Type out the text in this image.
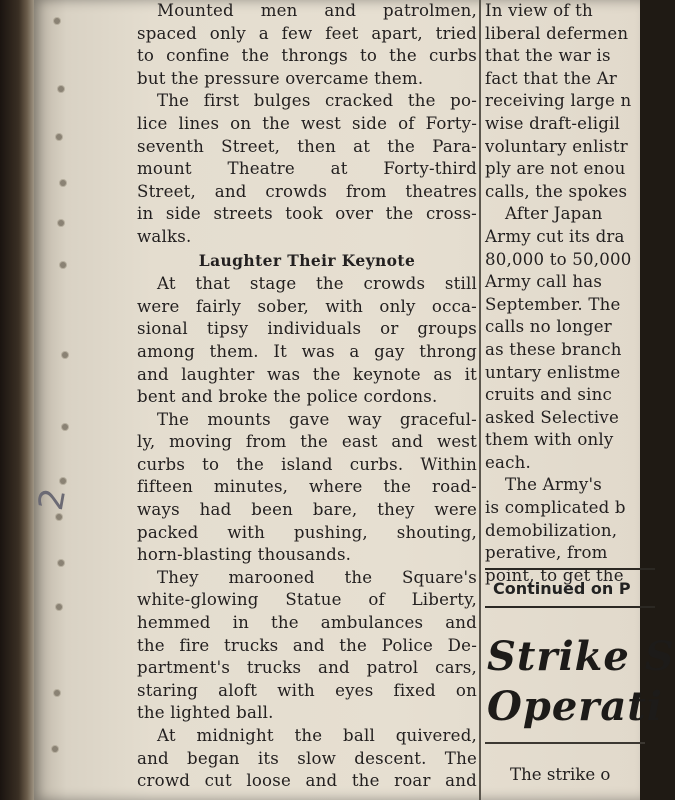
2
Mounted men and patrolmen,
spaced only a few feet apart, tried
to confine the throngs to the curbs
but the pressure overcame them.
The first bulges cracked the po-
lice lines on the west side of Forty-
seventh Street, then at the Para-
mount Theatre at Forty-third
Street, and crowds from theatres
in side streets took over the cross-
walks.
Laughter Their Keynote
At that stage the crowds still
were fairly sober, with only occa-
sional tipsy individuals or groups
among them. It was a gay throng
and laughter was the keynote as it
bent and broke the police cordons.
The mounts gave way graceful-
ly, moving from the east and west
curbs to the island curbs. Within
fifteen minutes, where the road-
ways had been bare, they were
packed with pushing, shouting,
horn-blasting thousands.
They marooned the Square's
white-glowing Statue of Liberty,
hemmed in the ambulances and
the fire trucks and the Police De-
partment's trucks and patrol cars,
staring aloft with eyes fixed on
the lighted ball.
At midnight the ball quivered,
and began its slow descent. The
crowd cut loose and the roar and
In view of th
liberal defermen
that the war is
fact that the Ar
receiving large n
wise draft-eligil
voluntary enlistr
ply are not enou
calls, the spokes
After Japan
Army cut its dra
80,000 to 50,000
Army call has
September. The
calls no longer
as these branch
untary enlistme
cruits and sinc
asked Selective
them with only
each.
The Army's
is complicated b
demobilization,
perative, from
point, to get the
Continued on P
Strike S
Operati
The strike o
